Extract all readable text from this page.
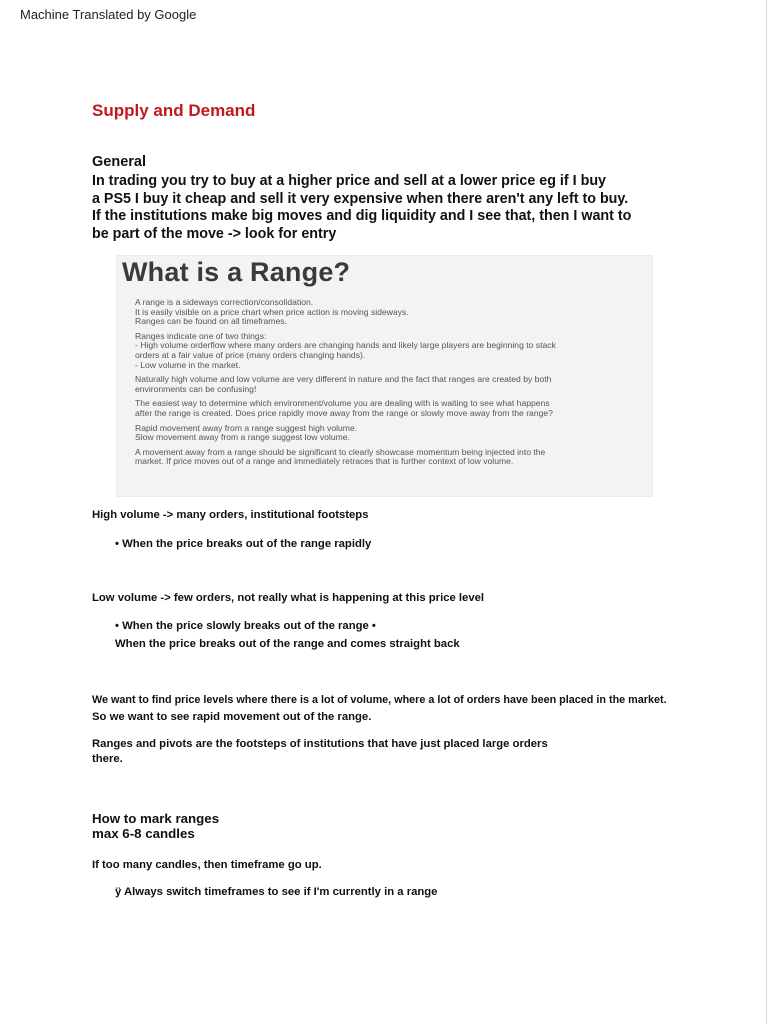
Machine Translated by Google
Supply and Demand
General
In trading you try to buy at a higher price and sell at a lower price eg if I buy
a PS5 I buy it cheap and sell it very expensive when there aren't any left to buy.
If the institutions make big moves and dig liquidity and I see that, then I want to
be part of the move -> look for entry
What is a Range?

A range is a sideways correction/consolidation.
It is easily visible on a price chart when price action is moving sideways.
Ranges can be found on all timeframes.

Ranges indicate one of two things:
- High volume orderflow where many orders are changing hands and likely large players are beginning to stack
orders at a fair value of price (many orders changing hands).
- Low volume in the market.

Naturally high volume and low volume are very different in nature and the fact that ranges are created by both
environments can be confusing!

The easiest way to determine which environment/volume you are dealing with is waiting to see what happens
after the range is created. Does price rapidly move away from the range or slowly move away from the range?

Rapid movement away from a range suggest high volume.
Slow movement away from a range suggest low volume.

A movement away from a range should be significant to clearly showcase momentum being injected into the
market. If price moves out of a range and immediately retraces that is further context of low volume.

High volume -> many orders, institutional footsteps
• When the price breaks out of the range rapidly
Low volume -> few orders, not really what is happening at this price level
• When the price slowly breaks out of the range •
When the price breaks out of the range and comes straight back
We want to find price levels where there is a lot of volume, where a lot of orders have been placed in the market.
So we want to see rapid movement out of the range.
Ranges and pivots are the footsteps of institutions that have just placed large orders
there.
How to mark ranges
max 6-8 candles
If too many candles, then timeframe go up.
ÿ Always switch timeframes to see if I'm currently in a range
